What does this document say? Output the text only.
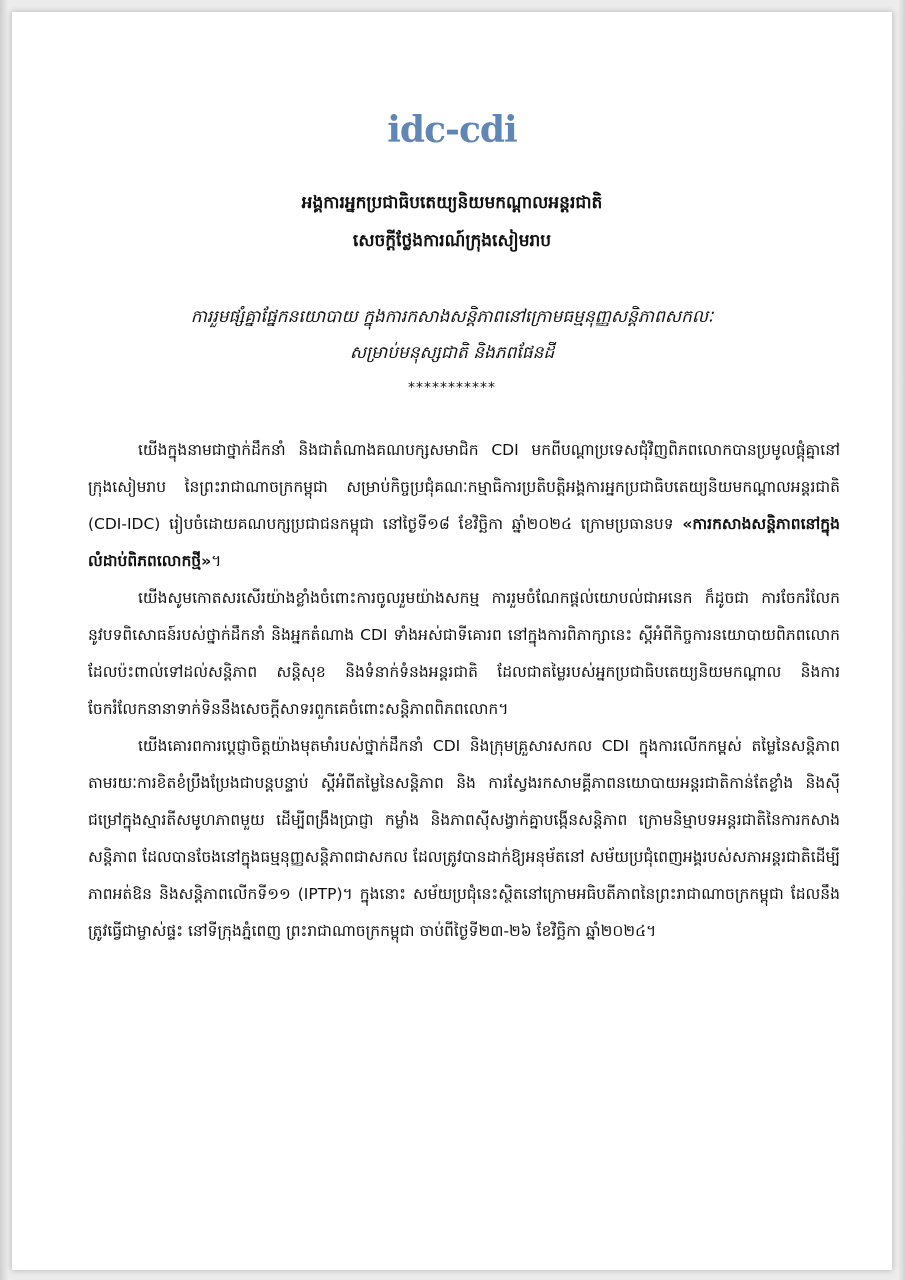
idc-cdi
អង្គការអ្នកប្រជាធិបតេយ្យនិយមកណ្ដាលអន្តរជាតិ
សេចក្តីថ្លែងការណ៍ក្រុងសៀមរាប
ការរួមផ្សំគ្នាផ្នែកនយោបាយ ក្នុងការកសាងសន្តិភាពនៅក្រោមធម្មនុញ្ញសន្តិភាពសកលៈ
សម្រាប់មនុស្សជាតិ និងភពផែនដី
***********

យើងក្នុងនាមជាថ្នាក់ដឹកនាំ និងជាតំណាងគណបក្សសមាជិក CDI មកពីបណ្តាប្រទេសជុំវិញពិភពលោកបានប្រមូលផ្តុំគ្នានៅក្រុងសៀមរាប នៃព្រះរាជាណាចក្រកម្ពុជា សម្រាប់កិច្ចប្រជុំគណៈកម្មាធិការប្រតិបត្តិអង្គការអ្នកប្រជាធិបតេយ្យនិយមកណ្ដាលអន្តរជាតិ (CDI-IDC) រៀបចំដោយគណបក្សប្រជាជនកម្ពុជា នៅថ្ងៃទី១៨ ខែវិច្ឆិកា ឆ្នាំ២០២៤ ក្រោមប្រធានបទ «ការកសាងសន្តិភាពនៅក្នុងលំដាប់ពិភពលោកថ្មី»។

យើងសូមកោតសរសើរយ៉ាងខ្លាំងចំពោះការចូលរួមយ៉ាងសកម្ម ការរួមចំណែកផ្តល់យោបល់ជាអនេក ក៏ដូចជា ការចែករំលែកនូវបទពិសោធន៍របស់ថ្នាក់ដឹកនាំ និងអ្នកតំណាង CDI ទាំងអស់ជាទីគោរព នៅក្នុងការពិភាក្សានេះ ស្តីអំពីកិច្ចការនយោបាយពិភពលោក ដែលប៉ះពាល់ទៅដល់សន្តិភាព សន្តិសុខ និងទំនាក់ទំនងអន្តរជាតិ ដែលជាតម្លៃរបស់អ្នកប្រជាធិបតេយ្យនិយមកណ្ដាល និងការចែករំលែកនានាទាក់ទិននឹងសេចក្តីសាទរពួកគេចំពោះសន្តិភាពពិភពលោក។

យើងគោរពការប្តេជ្ញាចិត្តយ៉ាងមុតមាំរបស់ថ្នាក់ដឹកនាំ CDI និងក្រុមគ្រួសារសកល CDI ក្នុងការលើកកម្ពស់ តម្លៃនៃសន្តិភាពតាមរយៈការខិតខំប្រឹងប្រែងជាបន្តបន្ទាប់ ស្តីអំពីតម្លៃនៃសន្តិភាព និង ការស្វែងរកសាមគ្គីភាពនយោបាយអន្តរជាតិកាន់តែខ្លាំង និងស៊ីជម្រៅក្នុងស្មារតីសមូហភាពមួយ ដើម្បីពង្រឹងប្រាជ្ញា កម្លាំង និងភាពស៊ីសង្វាក់គ្នាបង្កើនសន្តិភាព ក្រោមនិម្មាបទអន្តរជាតិនៃការកសាងសន្តិភាព ដែលបានចែងនៅក្នុងធម្មនុញ្ញសន្តិភាពជាសកល ដែលត្រូវបានដាក់ឱ្យអនុម័តនៅ សម័យប្រជុំពេញអង្គរបស់សភាអន្តរជាតិដើម្បីភាពអត់ឱន និងសន្តិភាពលើកទី១១ (IPTP)។ ក្នុងនោះ សម័យប្រជុំនេះស្ថិតនៅក្រោមអធិបតីភាពនៃព្រះរាជាណាចក្រកម្ពុជា ដែលនឹងត្រូវធ្វើជាម្ចាស់ផ្ទះ នៅទីក្រុងភ្នំពេញ ព្រះរាជាណាចក្រកម្ពុជា ចាប់ពីថ្ងៃទី២៣-២៦ ខែវិច្ឆិកា ឆ្នាំ២០២៤។
